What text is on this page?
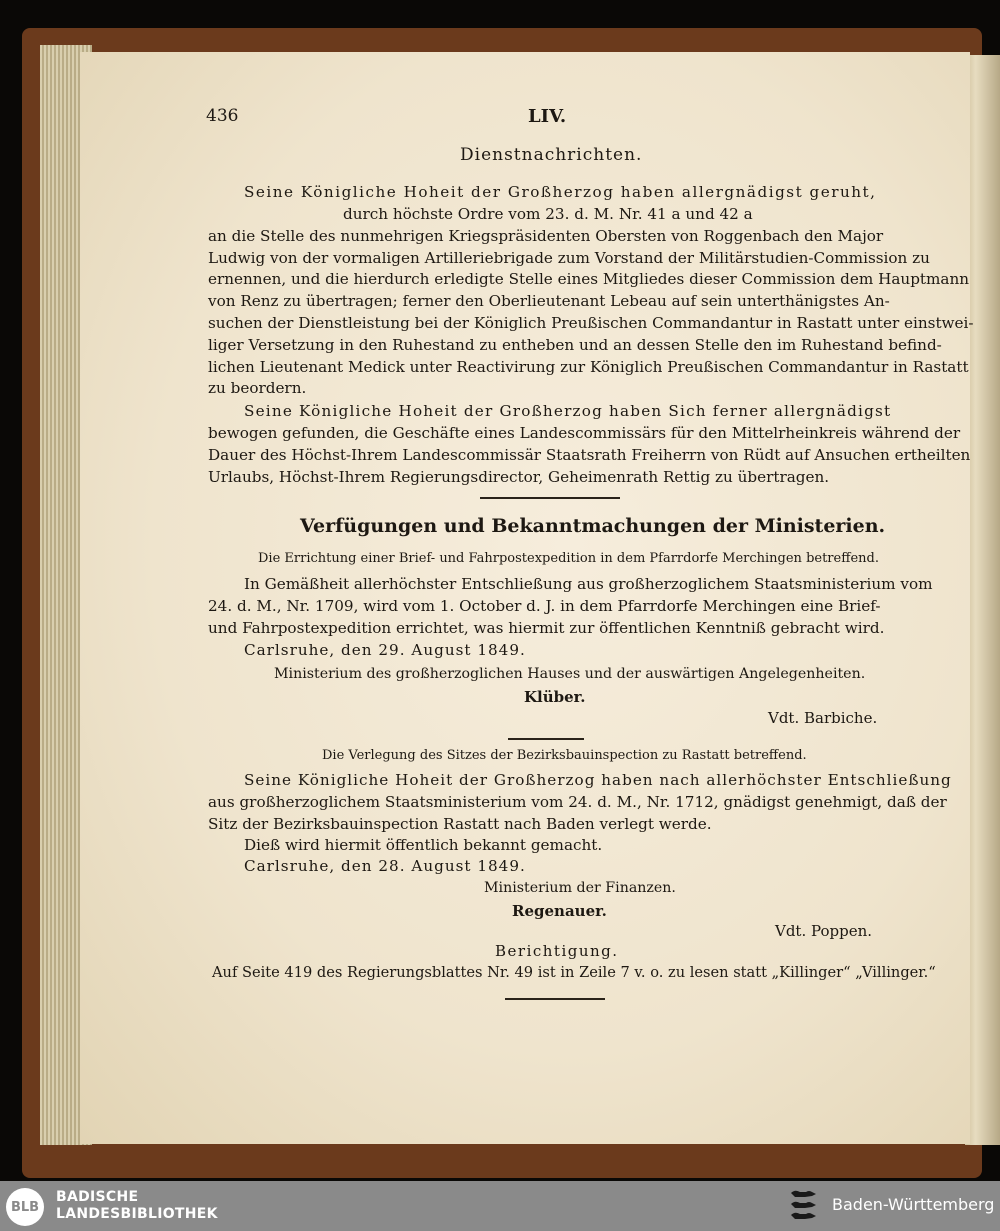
436	LIV.
Dienstnachrichten.
Seine Königliche Hoheit der Großherzog haben allergnädigst geruht,
durch höchste Ordre vom 23. d. M. Nr. 41 a und 42 a
an die Stelle des nunmehrigen Kriegspräsidenten Obersten von Roggenbach den Major
Ludwig von der vormaligen Artilleriebrigade zum Vorstand der Militärstudien-Commission zu
ernennen, und die hierdurch erledigte Stelle eines Mitgliedes dieser Commission dem Hauptmann
von Renz zu übertragen; ferner den Oberlieutenant Lebeau auf sein unterthänigstes An-
suchen der Dienstleistung bei der Königlich Preußischen Commandantur in Rastatt unter einstwei-
liger Versetzung in den Ruhestand zu entheben und an dessen Stelle den im Ruhestand befind-
lichen Lieutenant Medick unter Reactivirung zur Königlich Preußischen Commandantur in Rastatt
zu beordern.
Seine Königliche Hoheit der Großherzog haben Sich ferner allergnädigst
bewogen gefunden, die Geschäfte eines Landescommissärs für den Mittelrheinkreis während der
Dauer des Höchst-Ihrem Landescommissär Staatsrath Freiherrn von Rüdt auf Ansuchen ertheilten
Urlaubs, Höchst-Ihrem Regierungsdirector, Geheimenrath Rettig zu übertragen.
Verfügungen und Bekanntmachungen der Ministerien.
Die Errichtung einer Brief- und Fahrpostexpedition in dem Pfarrdorfe Merchingen betreffend.
In Gemäßheit allerhöchster Entschließung aus großherzoglichem Staatsministerium vom
24. d. M., Nr. 1709, wird vom 1. October d. J. in dem Pfarrdorfe Merchingen eine Brief-
und Fahrpostexpedition errichtet, was hiermit zur öffentlichen Kenntniß gebracht wird.
Carlsruhe, den 29. August 1849.
Ministerium des großherzoglichen Hauses und der auswärtigen Angelegenheiten.
Klüber.
Vdt. Barbiche.
Die Verlegung des Sitzes der Bezirksbauinspection zu Rastatt betreffend.
Seine Königliche Hoheit der Großherzog haben nach allerhöchster Entschließung
aus großherzoglichem Staatsministerium vom 24. d. M., Nr. 1712, gnädigst genehmigt, daß der
Sitz der Bezirksbauinspection Rastatt nach Baden verlegt werde.
Dieß wird hiermit öffentlich bekannt gemacht.
Carlsruhe, den 28. August 1849.
Ministerium der Finanzen.
Regenauer.
Vdt. Poppen.
Berichtigung.
Auf Seite 419 des Regierungsblattes Nr. 49 ist in Zeile 7 v. o. zu lesen statt „Killinger“ „Villinger.“
BLB
BADISCHE
LANDESBIBLIOTHEK	Baden-Württemberg
